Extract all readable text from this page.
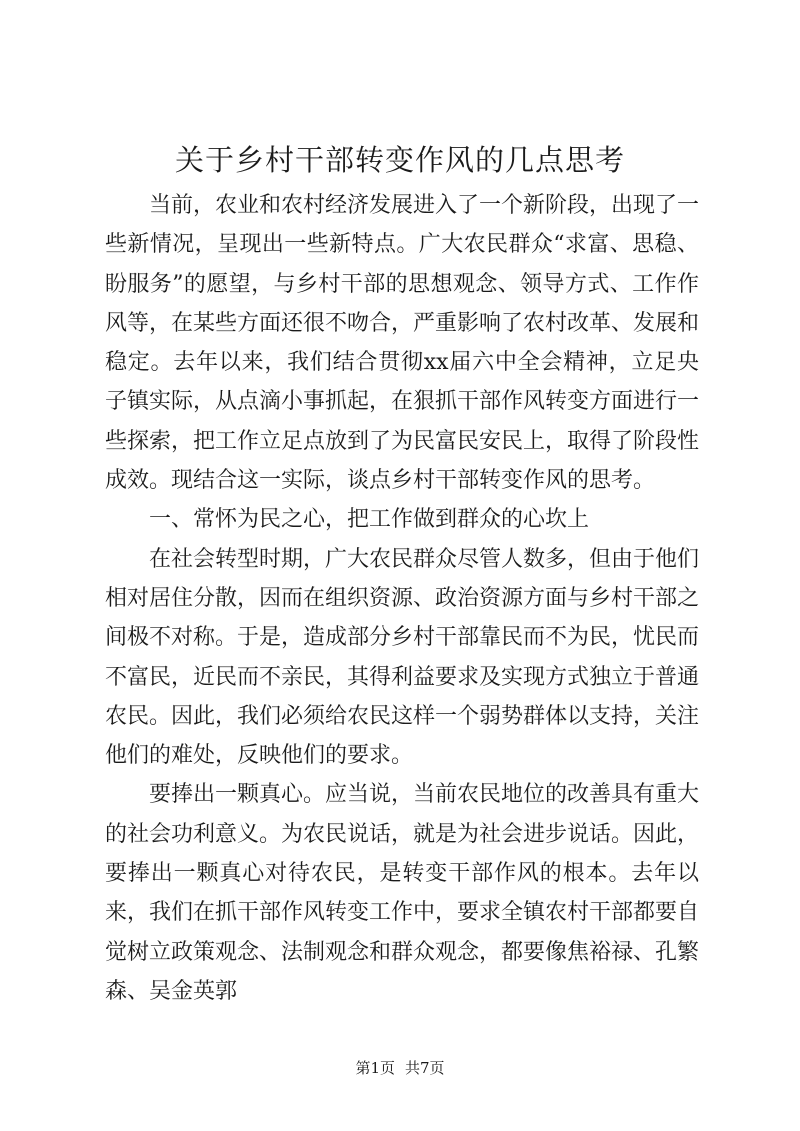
关于乡村干部转变作风的几点思考

当前，农业和农村经济发展进入了一个新阶段，出现了一些新情况，呈现出一些新特点。广大农民群众“求富、思稳、盼服务”的愿望，与乡村干部的思想观念、领导方式、工作作风等，在某些方面还很不吻合，严重影响了农村改革、发展和稳定。去年以来，我们结合贯彻xx届六中全会精神，立足央子镇实际，从点滴小事抓起，在狠抓干部作风转变方面进行一些探索，把工作立足点放到了为民富民安民上，取得了阶段性成效。现结合这一实际，谈点乡村干部转变作风的思考。

一、常怀为民之心，把工作做到群众的心坎上

在社会转型时期，广大农民群众尽管人数多，但由于他们相对居住分散，因而在组织资源、政治资源方面与乡村干部之间极不对称。于是，造成部分乡村干部靠民而不为民，忧民而不富民，近民而不亲民，其得利益要求及实现方式独立于普通农民。因此，我们必须给农民这样一个弱势群体以支持，关注他们的难处，反映他们的要求。

要捧出一颗真心。应当说，当前农民地位的改善具有重大的社会功利意义。为农民说话，就是为社会进步说话。因此，要捧出一颗真心对待农民，是转变干部作风的根本。去年以来，我们在抓干部作风转变工作中，要求全镇农村干部都要自觉树立政策观念、法制观念和群众观念，都要像焦裕禄、孔繁森、吴金英郭

第1页 共7页
